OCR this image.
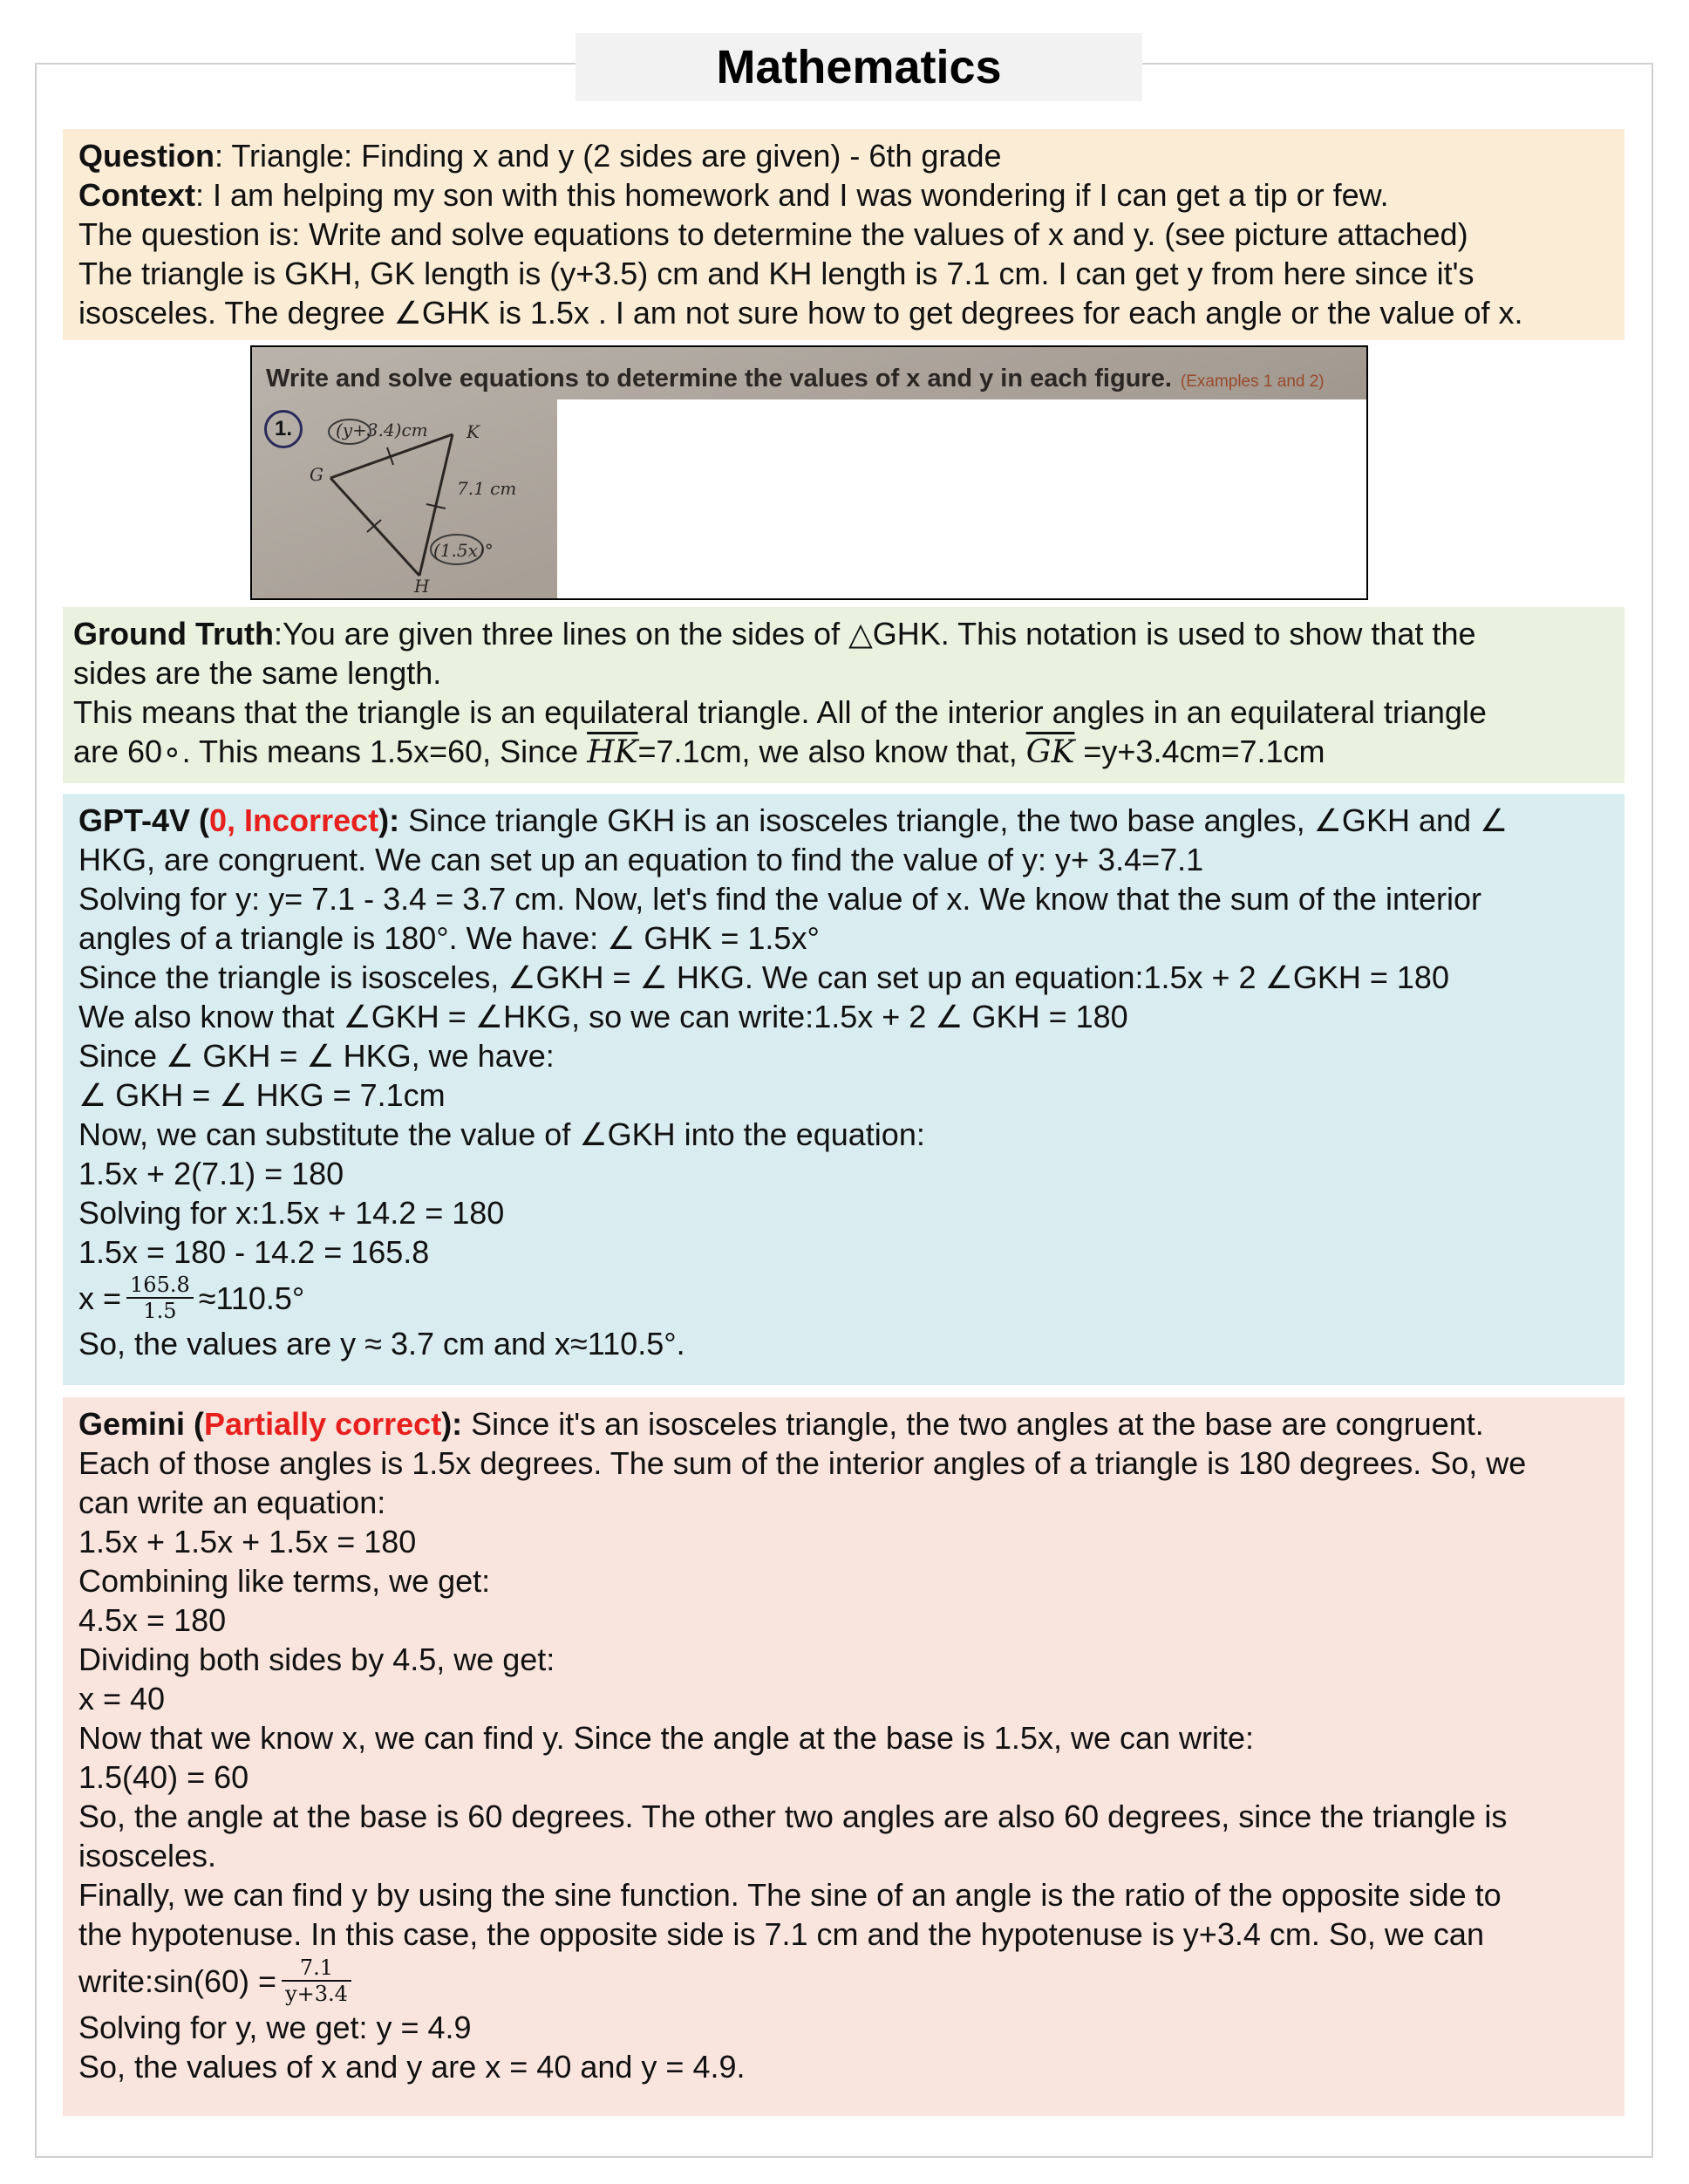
Mathematics
Question: Triangle: Finding x and y (2 sides are given) - 6th grade
Context: I am helping my son with this homework and I was wondering if I can get a tip or few.
The question is: Write and solve equations to determine the values of x and y. (see picture attached)
The triangle is GKH, GK length is (y+3.5) cm and KH length is 7.1 cm. I can get y from here since it's
isosceles. The degree ∠GHK is 1.5x . I am not sure how to get degrees for each angle or the value of x.
Write and solve equations to determine the values of x and y in each figure. (Examples 1 and 2)
1.	(y+3.4)cm K
G
7.1 cm
(1.5x)°
H
Ground Truth:You are given three lines on the sides of △GHK. This notation is used to show that the
sides are the same length.
This means that the triangle is an equilateral triangle. All of the interior angles in an equilateral triangle
are 60∘. This means 1.5x=60, Since $\overline{HK}=7.1cm$, we also know that, $\overline{GK} =y+3.4cm=7.1cm$
GPT-4V (0, Incorrect): Since triangle GKH is an isosceles triangle, the two base angles, ∠GKH and ∠
HKG, are congruent. We can set up an equation to find the value of y: y+ 3.4=7.1
Solving for y: y= 7.1 - 3.4 = 3.7 cm. Now, let's find the value of x. We know that the sum of the interior
angles of a triangle is 180°. We have: ∠ GHK = 1.5x°
Since the triangle is isosceles, ∠GKH = ∠ HKG. We can set up an equation:1.5x + 2 ∠GKH = 180
We also know that ∠GKH = ∠HKG, so we can write:1.5x + 2 ∠ GKH = 180
Since ∠ GKH = ∠ HKG, we have:
∠ GKH = ∠ HKG = 7.1cm
Now, we can substitute the value of ∠GKH into the equation:
1.5x + 2(7.1) = 180
Solving for x:1.5x + 14.2 = 180
1.5x = 180 - 14.2 = 165.8
$x = \frac{165.8}{1.5} \approx 110.5^\circ$
So, the values are y ≈ 3.7 cm and x≈110.5°.
Gemini (Partially correct): Since it's an isosceles triangle, the two angles at the base are congruent.
Each of those angles is 1.5x degrees. The sum of the interior angles of a triangle is 180 degrees. So, we
can write an equation:
1.5x + 1.5x + 1.5x = 180
Combining like terms, we get:
4.5x = 180
Dividing both sides by 4.5, we get:
x = 40
Now that we know x, we can find y. Since the angle at the base is 1.5x, we can write:
1.5(40) = 60
So, the angle at the base is 60 degrees. The other two angles are also 60 degrees, since the triangle is
isosceles.
Finally, we can find y by using the sine function. The sine of an angle is the ratio of the opposite side to
the hypotenuse. In this case, the opposite side is 7.1 cm and the hypotenuse is y+3.4 cm. So, we can
write:sin(60) = $\frac{7.1}{y+3.4}$
Solving for y, we get: y = 4.9
So, the values of x and y are x = 40 and y = 4.9.
